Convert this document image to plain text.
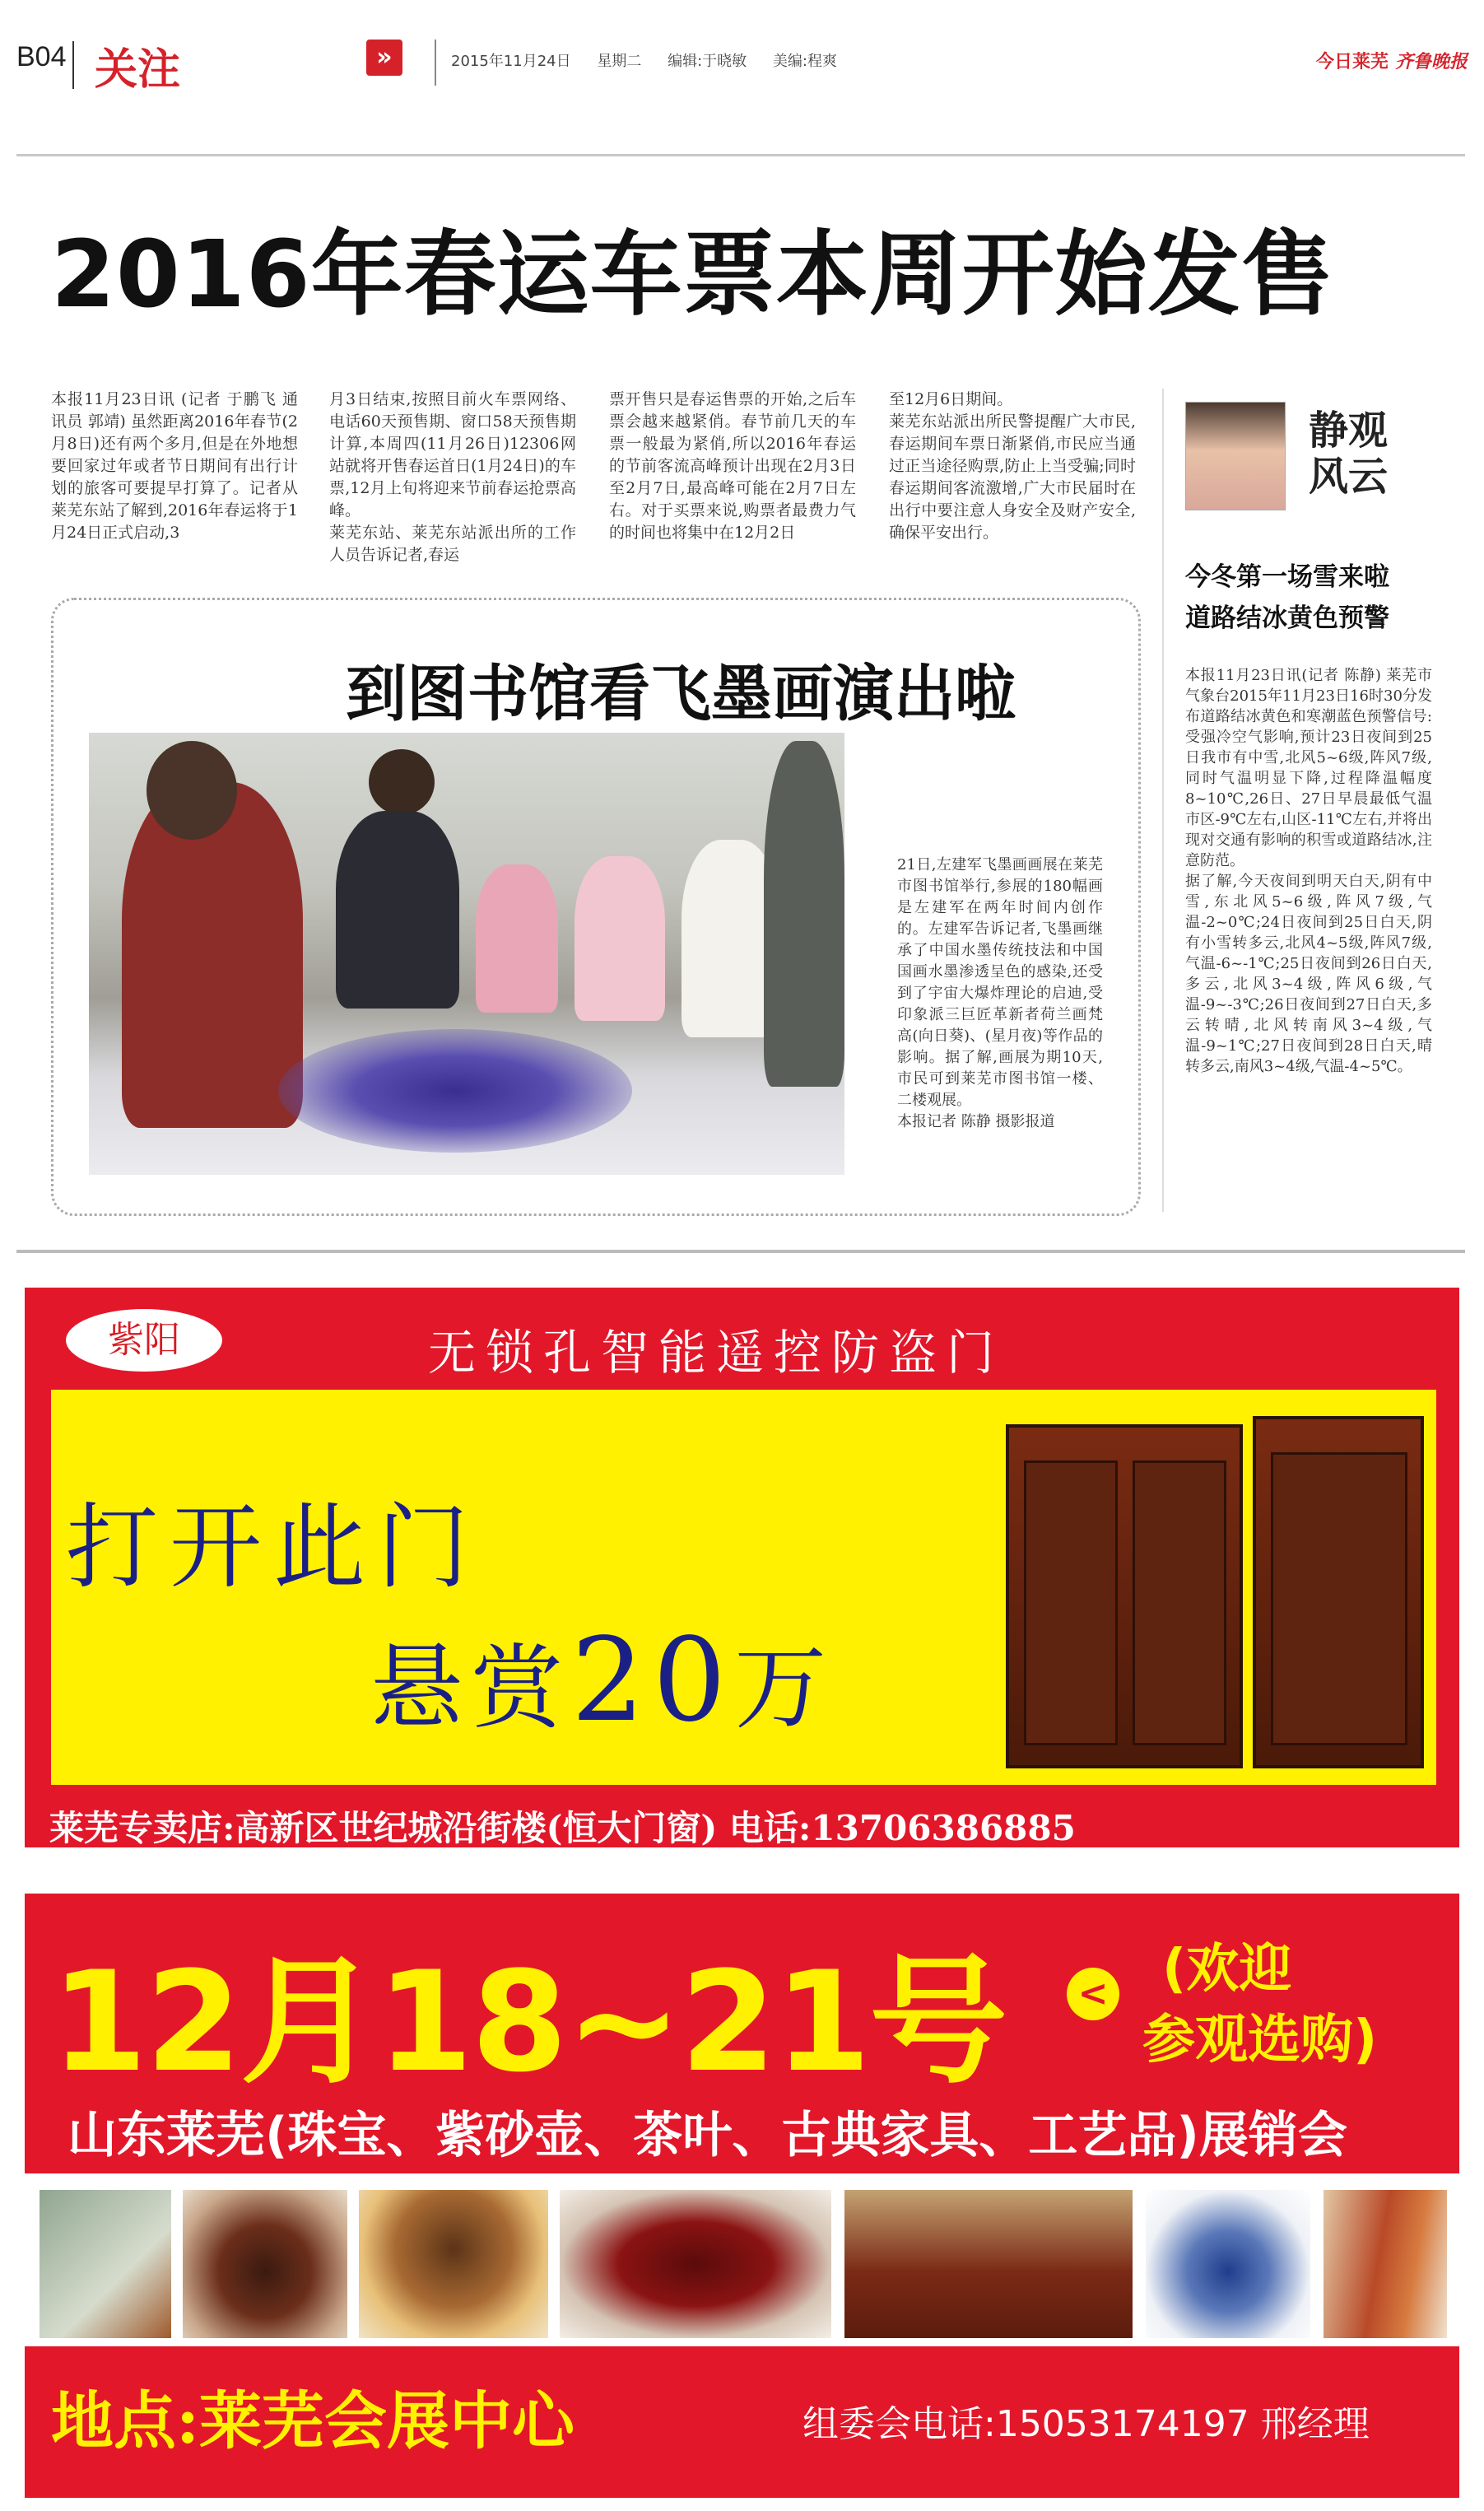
B04 关注	»	2015年11月24日 星期二 编辑:于晓敏 美编:程爽	今日莱芜 齐鲁晚报
2016年春运车票本周开始发售
本报11月23日讯 (记者 于鹏飞 通讯员 郭靖) 虽然距离2016年春节(2月8日)还有两个多月,但是在外地想要回家过年或者节日期间有出行计划的旅客可要提早打算了。记者从莱芜东站了解到,2016年春运将于1月24日正式启动,3
月3日结束,按照目前火车票网络、电话60天预售期、窗口58天预售期计算,本周四(11月26日)12306网站就将开售春运首日(1月24日)的车票,12月上旬将迎来节前春运抢票高峰。
莱芜东站、莱芜东站派出所的工作人员告诉记者,春运
票开售只是春运售票的开始,之后车票会越来越紧俏。春节前几天的车票一般最为紧俏,所以2016年春运的节前客流高峰预计出现在2月3日至2月7日,最高峰可能在2月7日左右。对于买票来说,购票者最费力气的时间也将集中在12月2日
至12月6日期间。
莱芜东站派出所民警提醒广大市民,春运期间车票日渐紧俏,市民应当通过正当途径购票,防止上当受骗;同时春运期间客流激增,广大市民届时在出行中要注意人身安全及财产安全,确保平安出行。
到图书馆看飞墨画演出啦
21日,左建军飞墨画画展在莱芜市图书馆举行,参展的180幅画是左建军在两年时间内创作的。左建军告诉记者,飞墨画继承了中国水墨传统技法和中国国画水墨渗透呈色的感染,还受到了宇宙大爆炸理论的启迪,受印象派三巨匠革新者荷兰画梵高(向日葵)、(星月夜)等作品的影响。据了解,画展为期10天,市民可到莱芜市图书馆一楼、二楼观展。
本报记者 陈静 摄影报道
静观风云
今冬第一场雪来啦
道路结冰黄色预警
本报11月23日讯(记者 陈静) 莱芜市气象台2015年11月23日16时30分发布道路结冰黄色和寒潮蓝色预警信号:受强冷空气影响,预计23日夜间到25日我市有中雪,北风5~6级,阵风7级,同时气温明显下降,过程降温幅度8~10℃,26日、27日早晨最低气温市区-9℃左右,山区-11℃左右,并将出现对交通有影响的积雪或道路结冰,注意防范。
据了解,今天夜间到明天白天,阴有中雪,东北风5~6级,阵风7级,气温-2~0℃;24日夜间到25日白天,阴有小雪转多云,北风4~5级,阵风7级,气温-6~-1℃;25日夜间到26日白天,多云,北风3~4级,阵风6级,气温-9~-3℃;26日夜间到27日白天,多云转晴,北风转南风3~4级,气温-9~1℃;27日夜间到28日白天,晴转多云,南风3~4级,气温-4~5℃。
紫阳	无锁孔智能遥控防盗门
打开此门
悬赏20万
莱芜专卖店:高新区世纪城沿街楼(恒大门窗) 电话:13706386885
12月18~21号	< (欢迎
参观选购)
山东莱芜(珠宝、紫砂壶、茶叶、古典家具、工艺品)展销会
地点:莱芜会展中心	组委会电话:15053174197 邢经理
